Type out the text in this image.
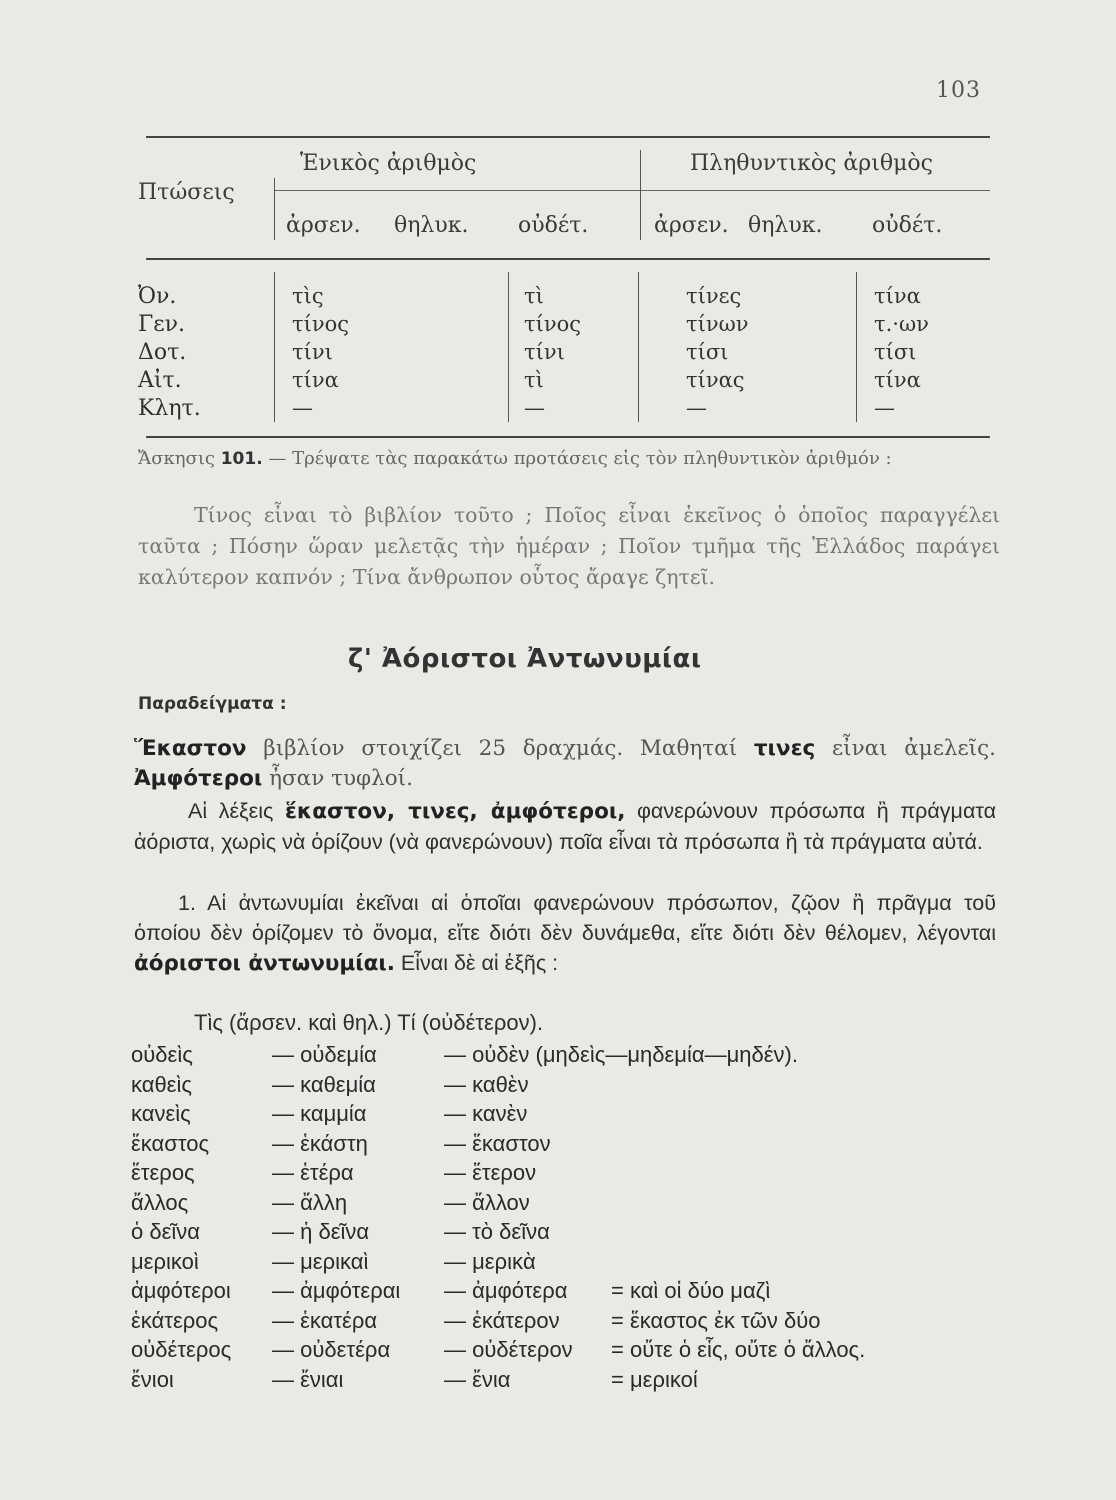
103
Πτώσεις
Ἑνικὸς ἀριθμὸς	Πληθυντικὸς ἀριθμὸς
ἀρσεν. θηλυκ. οὐδέτ.	ἀρσεν. θηλυκ. οὐδέτ.
Ὀν.	τὶς	τὶ	τίνες	τίνα
Γεν.	τίνος	τίνος	τίνων	τ.·ων
Δοτ.	τίνι	τίνι	τίσι	τίσι
Αἰτ.	τίνα	τὶ	τίνας	τίνα
Κλητ.	—	—	—	—
Ἄσκησις 101. — Τρέψατε τὰς παρακάτω προτάσεις εἰς τὸν πληθυντικὸν ἀριθμόν :
Τίνος εἶναι τὸ βιβλίον τοῦτο ; Ποῖος εἶναι ἐκεῖνος ὁ ὁποῖος παραγγέλει ταῦτα ; Πόσην ὥραν μελετᾷς τὴν ἡμέραν ; Ποῖον τμῆμα τῆς Ἑλλάδος παράγει καλύτερον καπνόν ; Τίνα ἄνθρωπον οὗτος ἄραγε ζητεῖ.
ζ' Ἀόριστοι Ἀντωνυμίαι
Παραδείγματα :
Ἕκαστον βιβλίον στοιχίζει 25 δραχμάς. Μαθηταί τινες εἶναι ἀμελεῖς. Ἀμφότεροι ἦσαν τυφλοί.
Αἱ λέξεις ἕκαστον, τινες, ἀμφότεροι, φανερώνουν πρόσωπα ἢ πράγματα ἀόριστα, χωρὶς νὰ ὁρίζουν (νὰ φανερώνουν) ποῖα εἶναι τὰ πρόσωπα ἢ τὰ πράγματα αὐτά.
1. Αἱ ἀντωνυμίαι ἐκεῖναι αἱ ὁποῖαι φανερώνουν πρόσωπον, ζῷον ἢ πρᾶγμα τοῦ ὁποίου δὲν ὁρίζομεν τὸ ὄνομα, εἴτε διότι δὲν δυνάμεθα, εἴτε διότι δὲν θέλομεν, λέγονται ἀόριστοι ἀντωνυμίαι. Εἶναι δὲ αἱ ἑξῆς :
Τὶς (ἄρσεν. καὶ θηλ.) Τί (οὐδέτερον).
οὐδεὶς	— οὐδεμία	— οὐδὲν (μηδεὶς—μηδεμία—μηδέν).
καθεὶς	— καθεμία	— καθὲν
κανεὶς	— καμμία	— κανὲν
ἕκαστος	— ἑκάστη	— ἕκαστον
ἕτερος	— ἑτέρα	— ἕτερον
ἄλλος	— ἄλλη	— ἄλλον
ὁ δεῖνα	— ἡ δεῖνα	— τὸ δεῖνα
μερικοὶ	— μερικαὶ	— μερικὰ
ἀμφότεροι — ἀμφότεραι — ἀμφότερα = καὶ οἱ δύο μαζὶ
ἑκάτερος — ἑκατέρα	— ἑκάτερον = ἕκαστος ἐκ τῶν δύο
οὐδέτερος — οὐδετέρα — οὐδέτερον = οὔτε ὁ εἷς, οὔτε ὁ ἄλλος.
ἔνιοι	— ἔνιαι	— ἔνια	= μερικοί
